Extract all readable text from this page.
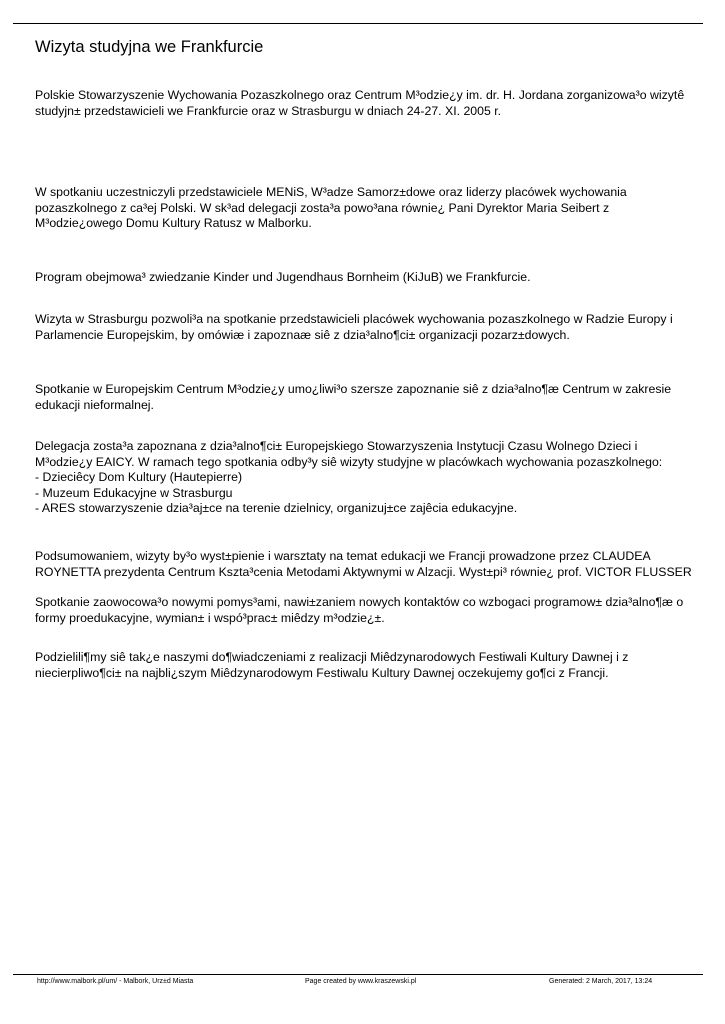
Wizyta studyjna we Frankfurcie
Polskie Stowarzyszenie Wychowania Pozaszkolnego oraz Centrum M³odzie¿y im. dr. H. Jordana zorganizowa³o wizytê studyjn± przedstawicieli we Frankfurcie oraz w Strasburgu w dniach 24-27. XI. 2005 r.
W spotkaniu uczestniczyli przedstawiciele MENiS, W³adze Samorz±dowe oraz liderzy placówek wychowania pozaszkolnego z ca³ej Polski. W sk³ad delegacji zosta³a powo³ana równie¿ Pani Dyrektor Maria Seibert z M³odzie¿owego Domu Kultury Ratusz w Malborku.
Program obejmowa³ zwiedzanie Kinder und Jugendhaus Bornheim (KiJuB) we Frankfurcie.
Wizyta w Strasburgu pozwoli³a na spotkanie przedstawicieli placówek wychowania pozaszkolnego w Radzie Europy i Parlamencie Europejskim, by omówiæ i zapoznaæ siê z dzia³alno¶ci± organizacji pozarz±dowych.
Spotkanie w Europejskim Centrum M³odzie¿y umo¿liwi³o szersze zapoznanie siê z dzia³alno¶æ Centrum w zakresie edukacji nieformalnej.
Delegacja zosta³a zapoznana z dzia³alno¶ci± Europejskiego Stowarzyszenia Instytucji Czasu Wolnego Dzieci i M³odzie¿y EAICY. W ramach tego spotkania odby³y siê wizyty studyjne w placówkach wychowania pozaszkolnego:
- Dzieciêcy Dom Kultury (Hautepierre)
- Muzeum Edukacyjne w Strasburgu
- ARES stowarzyszenie dzia³aj±ce na terenie dzielnicy, organizuj±ce zajêcia edukacyjne.
Podsumowaniem, wizyty by³o wyst±pienie i warsztaty na temat edukacji we Francji prowadzone przez CLAUDEA ROYNETTA prezydenta Centrum Kszta³cenia Metodami Aktywnymi w Alzacji. Wyst±pi³ równie¿ prof. VICTOR FLUSSER
Spotkanie zaowocowa³o nowymi pomys³ami, nawi±zaniem nowych kontaktów co wzbogaci programow± dzia³alno¶æ o formy proedukacyjne, wymian± i wspó³prac± miêdzy m³odzie¿±.
Podzielili¶my siê tak¿e naszymi do¶wiadczeniami z realizacji Miêdzynarodowych Festiwali Kultury Dawnej i z niecierpliwo¶ci± na najbli¿szym Miêdzynarodowym Festiwalu Kultury Dawnej oczekujemy go¶ci z Francji.
http://www.malbork.pl/um/ - Malbork, Urz±d Miasta	Page created by www.kraszewski.pl	Generated: 2 March, 2017, 13:24
